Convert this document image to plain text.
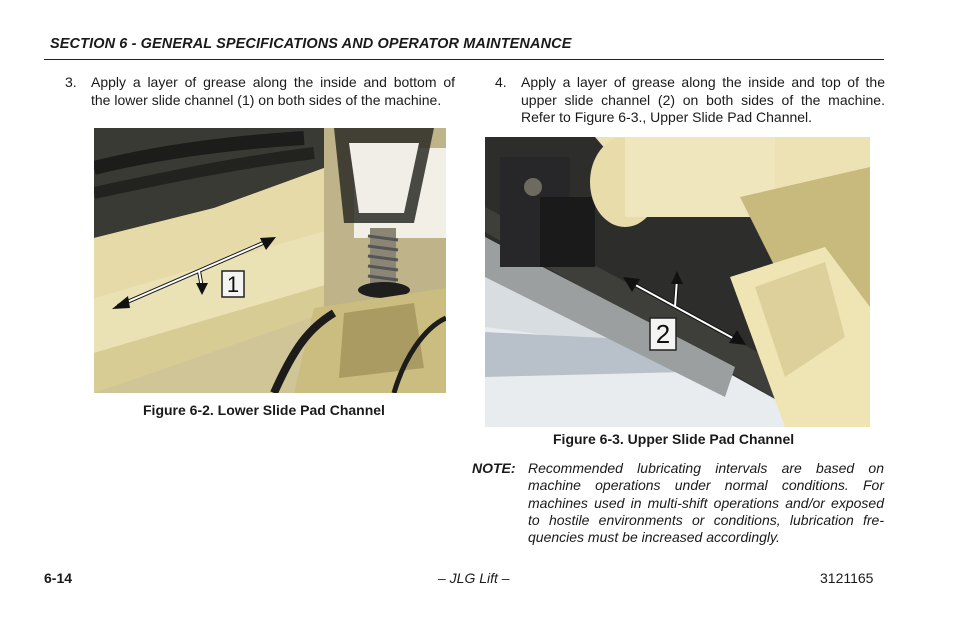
SECTION 6 - GENERAL SPECIFICATIONS AND OPERATOR MAINTENANCE
3. Apply a layer of grease along the inside and bottom of
the lower slide channel (1) on both sides of the machine.
4. Apply a layer of grease along the inside and top of the
upper slide channel (2) on both sides of the machine.
Refer to Figure 6-3., Upper Slide Pad Channel.
1
Figure 6-2. Lower Slide Pad Channel
2
Figure 6-3. Upper Slide Pad Channel
NOTE: Recommended lubricating intervals are based on
machine operations under normal conditions. For
machines used in multi-shift operations and/or exposed
to hostile environments or conditions, lubrication fre-
quencies must be increased accordingly.
6-14	– JLG Lift –	3121165
